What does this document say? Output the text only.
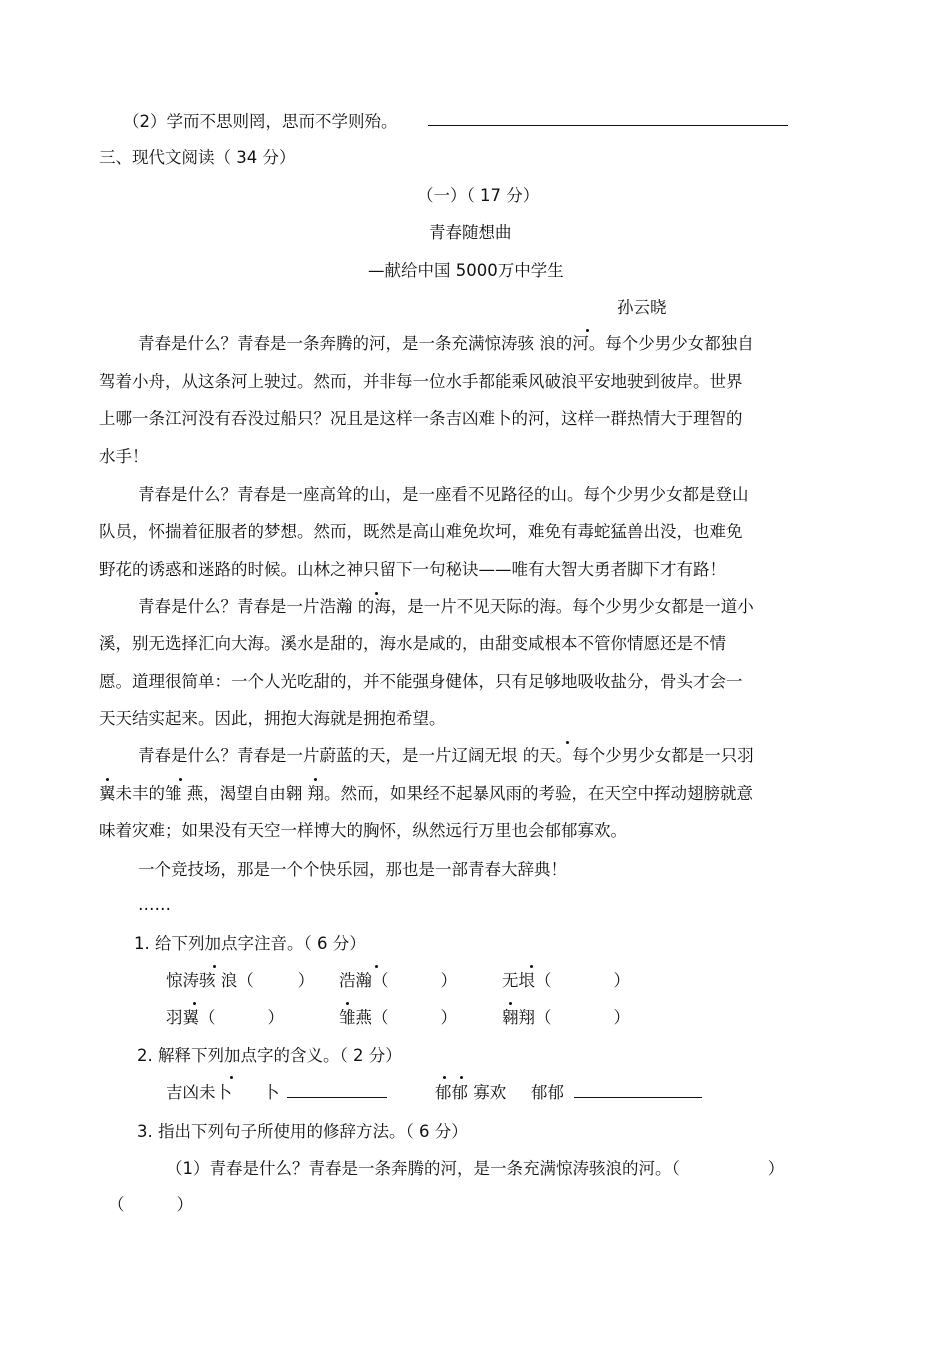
（2）学而不思则罔，思而不学则殆。
三、现代文阅读（ 34 分）
（一）（ 17 分）
青春随想曲
—献给中国 5000万中学生
孙云晓
青春是什么？青春是一条奔腾的河，是一条充满惊涛骇 浪的河。每个少男少女都独自
驾着小舟，从这条河上驶过。然而，并非每一位水手都能乘风破浪平安地驶到彼岸。世界
上哪一条江河没有吞没过船只？况且是这样一条吉凶难卜的河，这样一群热情大于理智的
水手！
青春是什么？青春是一座高耸的山，是一座看不见路径的山。每个少男少女都是登山
队员，怀揣着征服者的梦想。然而，既然是高山难免坎坷，难免有毒蛇猛兽出没，也难免
野花的诱惑和迷路的时候。山林之神只留下一句秘诀——唯有大智大勇者脚下才有路！
青春是什么？青春是一片浩瀚 的海，是一片不见天际的海。每个少男少女都是一道小
溪，别无选择汇向大海。溪水是甜的，海水是咸的，由甜变咸根本不管你情愿还是不情
愿。道理很简单：一个人光吃甜的，并不能强身健体，只有足够地吸收盐分，骨头才会一
天天结实起来。因此，拥抱大海就是拥抱希望。
青春是什么？青春是一片蔚蓝的天，是一片辽阔无垠 的天。每个少男少女都是一只羽
翼未丰的雏 燕，渴望自由翱 翔。然而，如果经不起暴风雨的考验，在天空中挥动翅膀就意
味着灾难；如果没有天空一样博大的胸怀，纵然远行万里也会郁郁寡欢。
一个竞技场，那是一个个快乐园，那也是一部青春大辞典！
……
1. 给下列加点字注音。（ 6 分）
惊涛骇 浪（	） 浩瀚（	）	无垠（	）
羽翼（	）	雏燕（	）	翱翔（	）
2. 解释下列加点字的含义。（ 2 分）
吉凶未卜 卜	郁郁 寡欢 郁郁
3. 指出下列句子所使用的修辞方法。（ 6 分）
（1）青春是什么？青春是一条奔腾的河，是一条充满惊涛骇浪的河。（	）
（	）
